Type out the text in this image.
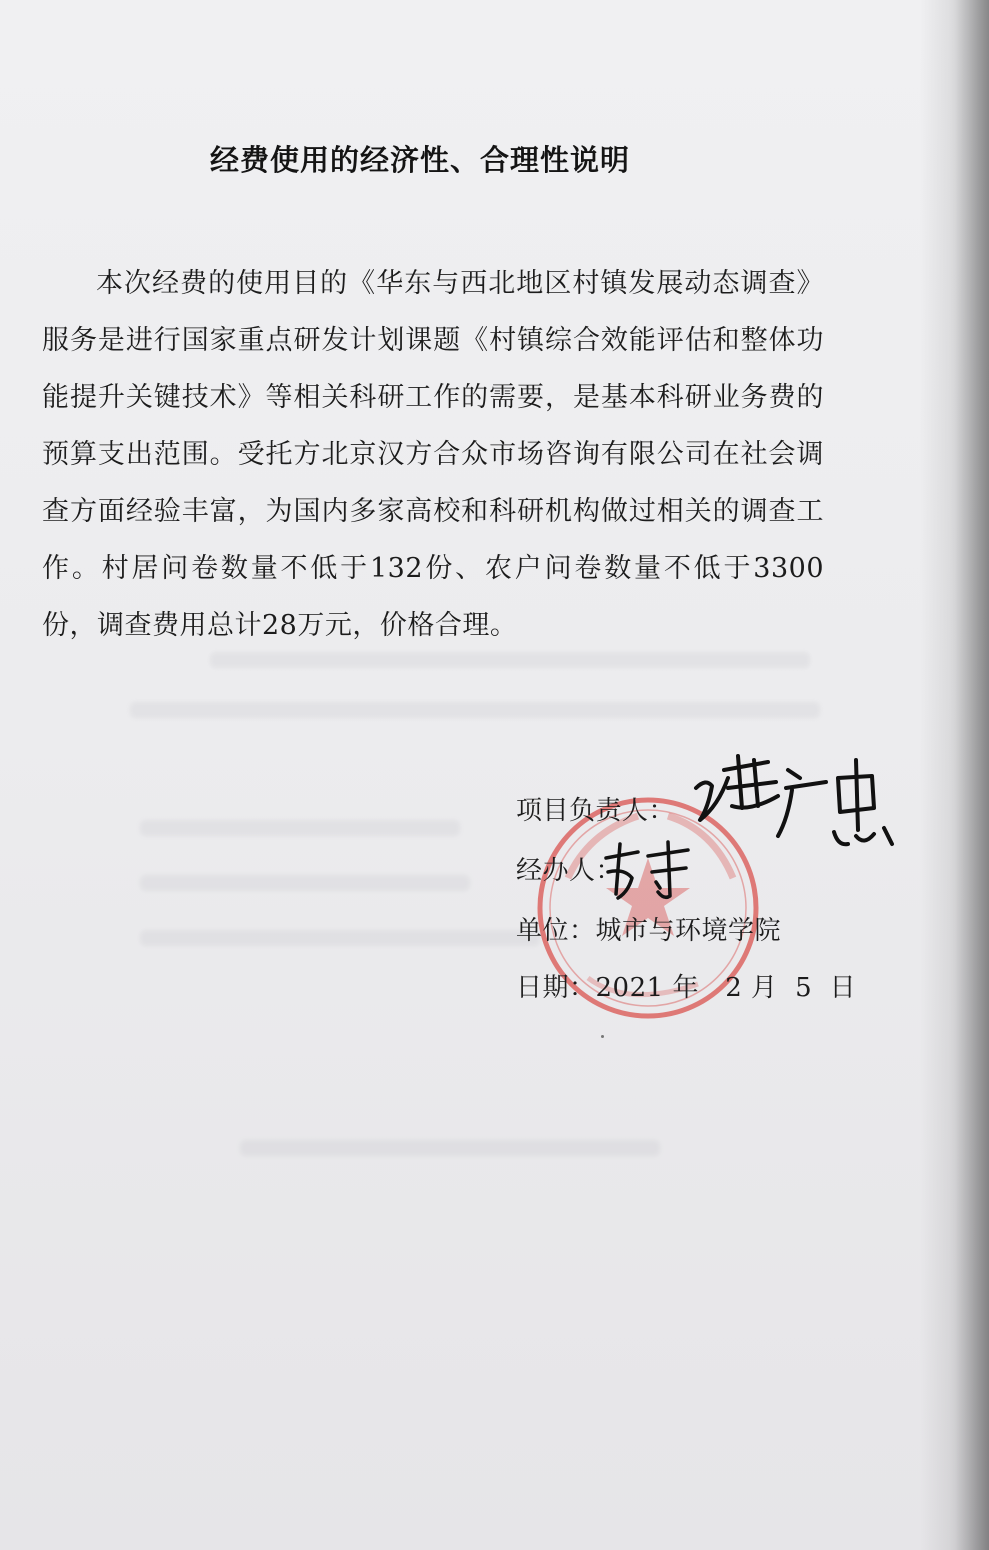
经费使用的经济性、合理性说明

本次经费的使用目的《华东与西北地区村镇发展动态调查》服务是进行国家重点研发计划课题《村镇综合效能评估和整体功能提升关键技术》等相关科研工作的需要，是基本科研业务费的预算支出范围。受托方北京汉方合众市场咨询有限公司在社会调查方面经验丰富，为国内多家高校和科研机构做过相关的调查工作。村居问卷数量不低于132份、农户问卷数量不低于3300份，调查费用总计28万元，价格合理。

项目负责人：
经办人：
单位：城市与环境学院
日期：2021 年   2 月  5  日
